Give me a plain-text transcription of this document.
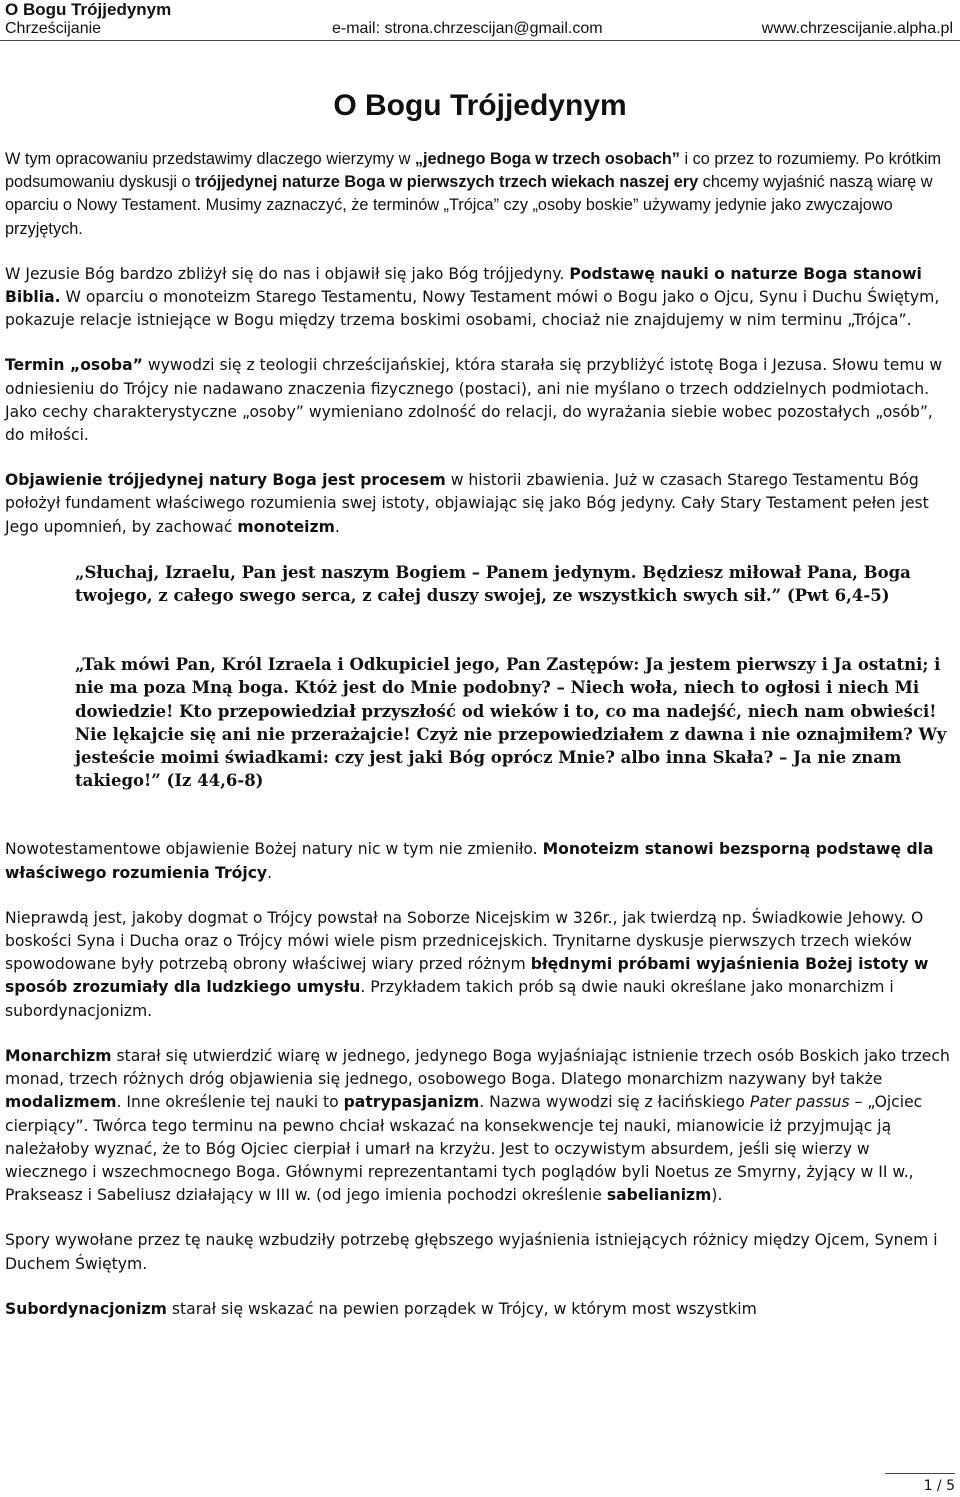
O Bogu Trójjedynym
Chrześcijanie	e-mail: strona.chrzescijan@gmail.com	www.chrzescijanie.alpha.pl
O Bogu Trójjedynym

W tym opracowaniu przedstawimy dlaczego wierzymy w „jednego Boga w trzech osobach” i co przez to rozumiemy. Po krótkim podsumowaniu dyskusji o trójjedynej naturze Boga w pierwszych trzech wiekach naszej ery chcemy wyjaśnić naszą wiarę w oparciu o Nowy Testament. Musimy zaznaczyć, że terminów „Trójca” czy „osoby boskie” używamy jedynie jako zwyczajowo przyjętych.

W Jezusie Bóg bardzo zbliżył się do nas i objawił się jako Bóg trójjedyny. Podstawę nauki o naturze Boga stanowi Biblia. W oparciu o monoteizm Starego Testamentu, Nowy Testament mówi o Bogu jako o Ojcu, Synu i Duchu Świętym, pokazuje relacje istniejące w Bogu między trzema boskimi osobami, chociaż nie znajdujemy w nim terminu „Trójca”.

Termin „osoba” wywodzi się z teologii chrześcijańskiej, która starała się przybliżyć istotę Boga i Jezusa. Słowu temu w odniesieniu do Trójcy nie nadawano znaczenia fizycznego (postaci), ani nie myślano o trzech oddzielnych podmiotach. Jako cechy charakterystyczne „osoby” wymieniano zdolność do relacji, do wyrażania siebie wobec pozostałych „osób”, do miłości.

Objawienie trójjedynej natury Boga jest procesem w historii zbawienia. Już w czasach Starego Testamentu Bóg położył fundament właściwego rozumienia swej istoty, objawiając się jako Bóg jedyny. Cały Stary Testament pełen jest Jego upomnień, by zachować monoteizm.

„Słuchaj, Izraelu, Pan jest naszym Bogiem – Panem jedynym. Będziesz miłował Pana, Boga twojego, z całego swego serca, z całej duszy swojej, ze wszystkich swych sił.” (Pwt 6,4-5)

„Tak mówi Pan, Król Izraela i Odkupiciel jego, Pan Zastępów: Ja jestem pierwszy i Ja ostatni; i nie ma poza Mną boga. Któż jest do Mnie podobny? – Niech woła, niech to ogłosi i niech Mi dowiedzie! Kto przepowiedział przyszłość od wieków i to, co ma nadejść, niech nam obwieści! Nie lękajcie się ani nie przerażajcie! Czyż nie przepowiedziałem z dawna i nie oznajmiłem? Wy jesteście moimi świadkami: czy jest jaki Bóg oprócz Mnie? albo inna Skała? – Ja nie znam takiego!” (Iz 44,6-8)

Nowotestamentowe objawienie Bożej natury nic w tym nie zmieniło. Monoteizm stanowi bezsporną podstawę dla właściwego rozumienia Trójcy.

Nieprawdą jest, jakoby dogmat o Trójcy powstał na Soborze Nicejskim w 326r., jak twierdzą np. Świadkowie Jehowy. O boskości Syna i Ducha oraz o Trójcy mówi wiele pism przednicejskich. Trynitarne dyskusje pierwszych trzech wieków spowodowane były potrzebą obrony właściwej wiary przed różnym błędnymi próbami wyjaśnienia Bożej istoty w sposób zrozumiały dla ludzkiego umysłu. Przykładem takich prób są dwie nauki określane jako monarchizm i subordynacjonizm.

Monarchizm starał się utwierdzić wiarę w jednego, jedynego Boga wyjaśniając istnienie trzech osób Boskich jako trzech monad, trzech różnych dróg objawienia się jednego, osobowego Boga. Dlatego monarchizm nazywany był także modalizmem. Inne określenie tej nauki to patrypasjanizm. Nazwa wywodzi się z łacińskiego Pater passus – „Ojciec cierpiący”. Twórca tego terminu na pewno chciał wskazać na konsekwencje tej nauki, mianowicie iż przyjmując ją należałoby wyznać, że to Bóg Ojciec cierpiał i umarł na krzyżu. Jest to oczywistym absurdem, jeśli się wierzy w wiecznego i wszechmocnego Boga. Głównymi reprezentantami tych poglądów byli Noetus ze Smyrny, żyjący w II w., Prakseasz i Sabeliusz działający w III w. (od jego imienia pochodzi określenie sabelianizm).

Spory wywołane przez tę naukę wzbudziły potrzebę głębszego wyjaśnienia istniejących różnicy między Ojcem, Synem i Duchem Świętym.

Subordynacjonizm starał się wskazać na pewien porządek w Trójcy, w którym most wszystkim

1 / 5
